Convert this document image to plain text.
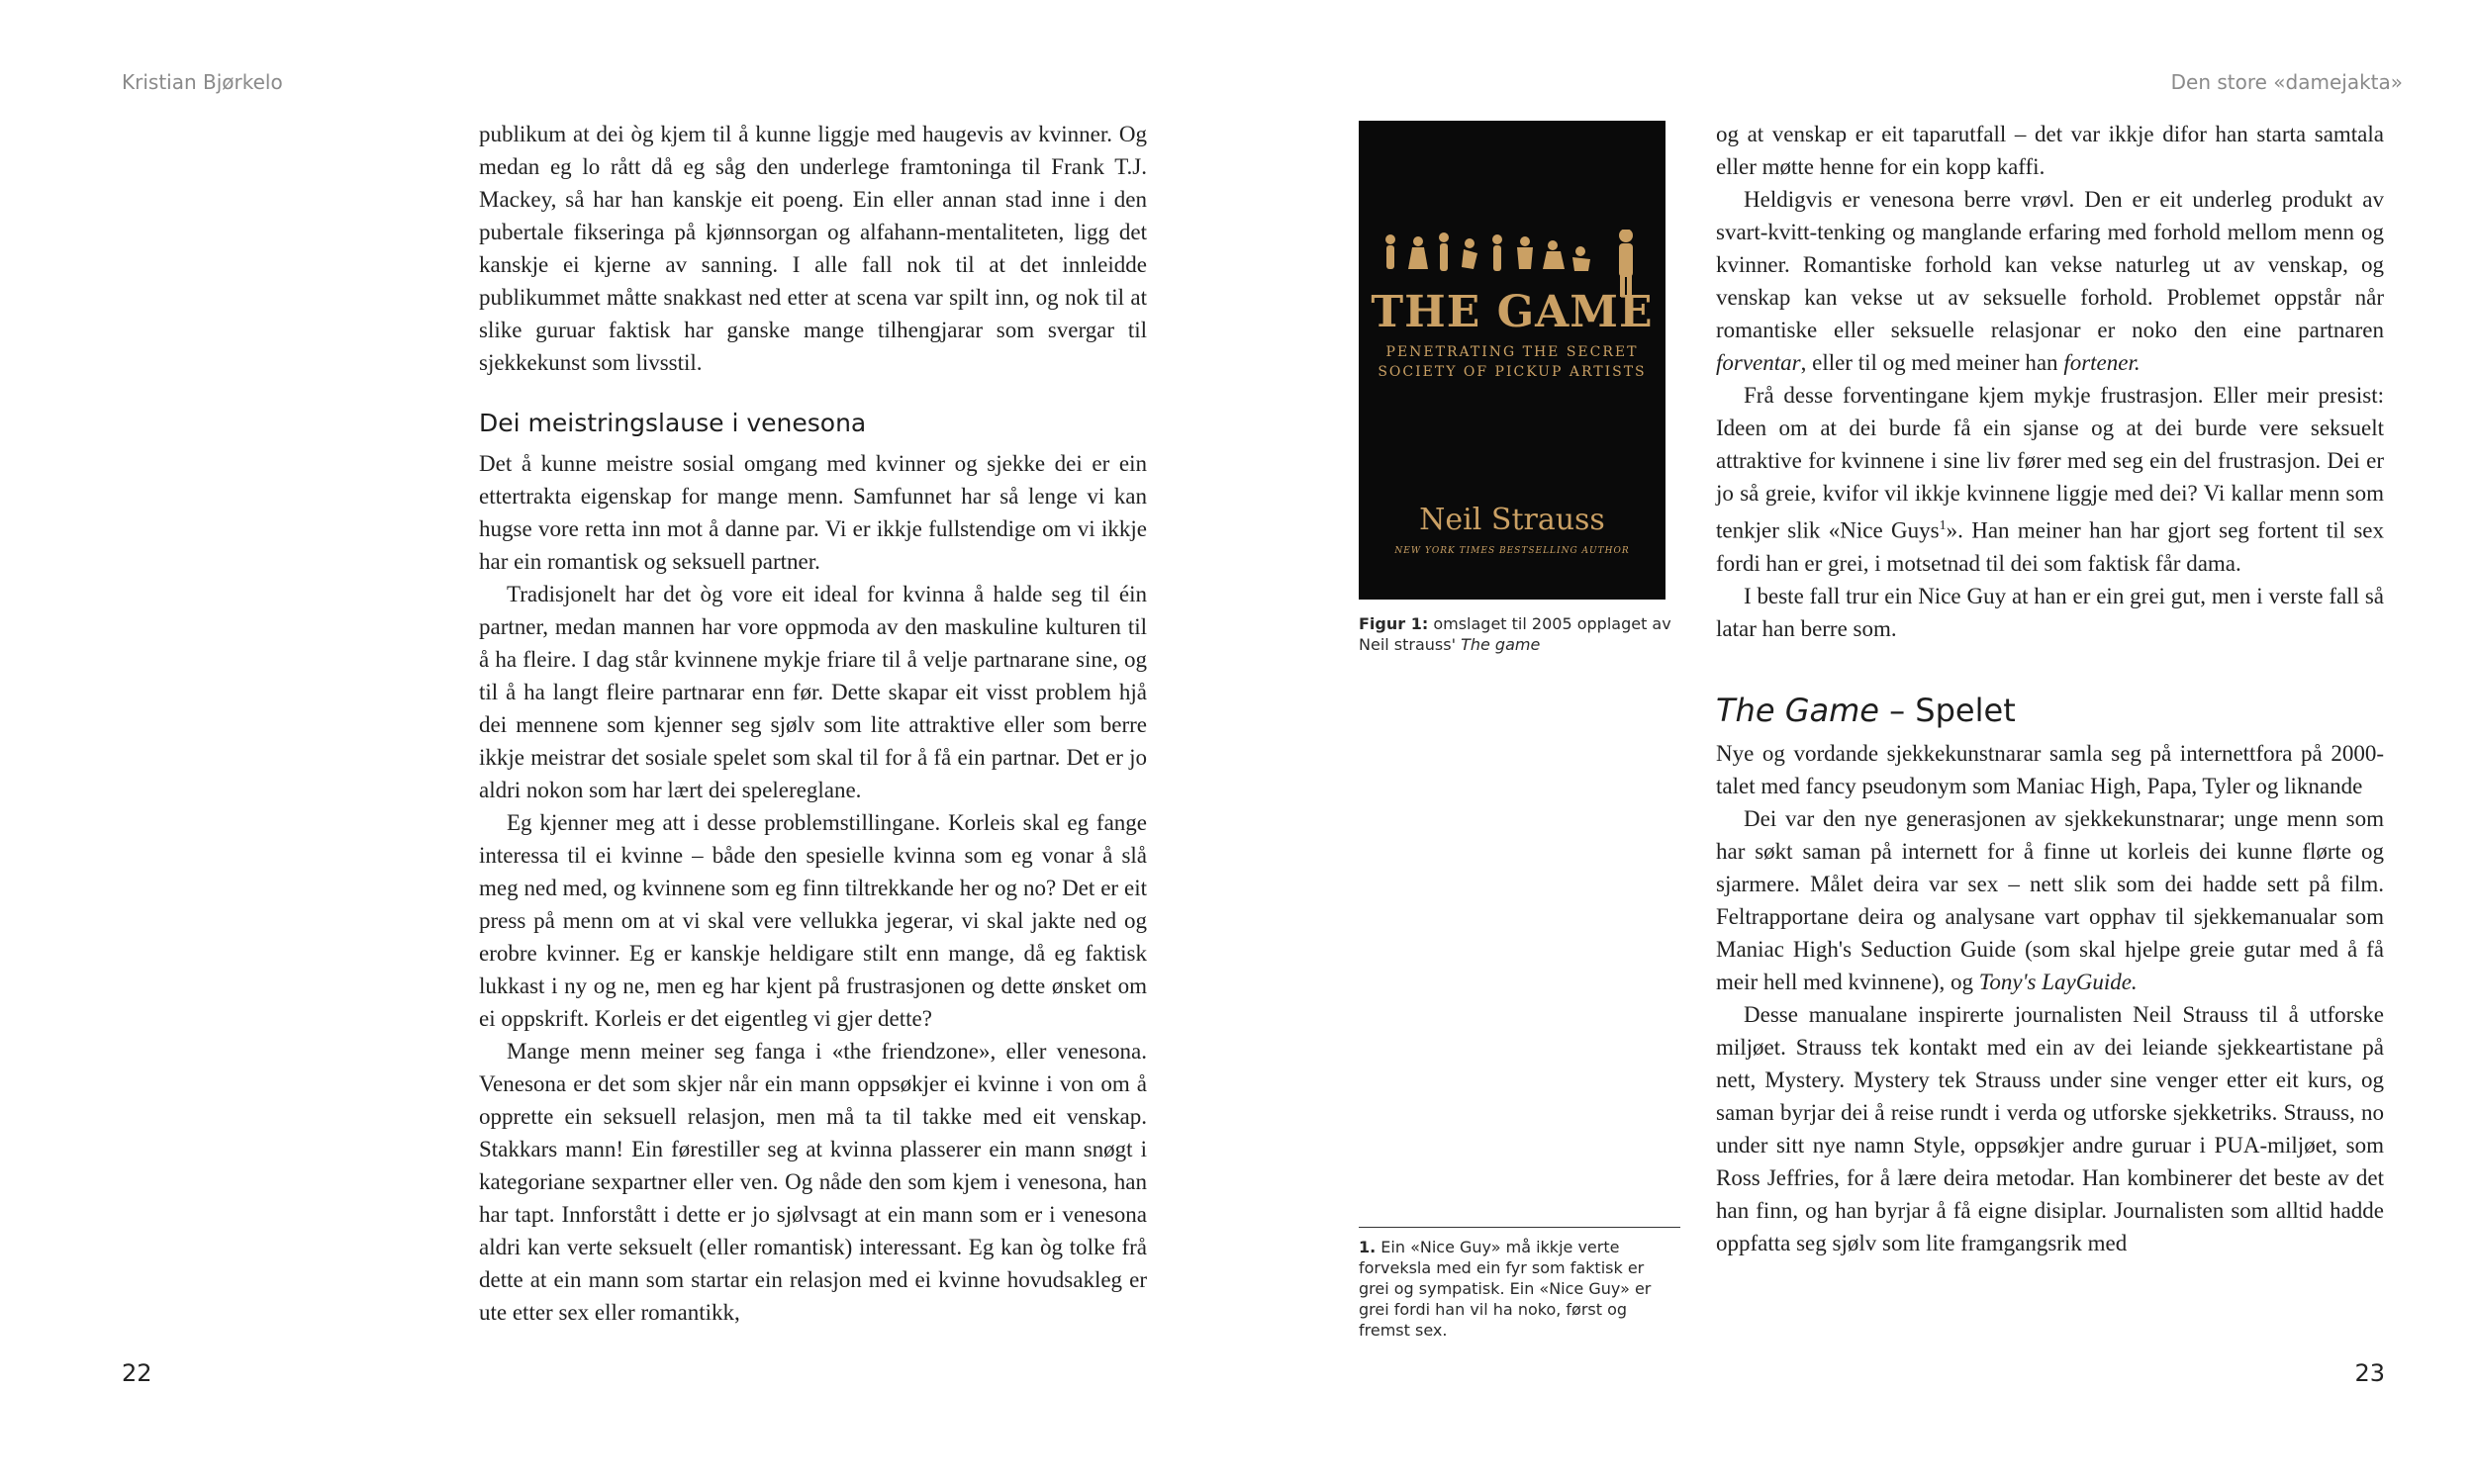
Kristian Bjørkelo	Den store «damejakta»

publikum at dei òg kjem til å kunne liggje med haugevis av kvinner. Og medan eg lo rått då eg såg den underlege framtoninga til Frank T.J. Mackey, så har han kanskje eit poeng. Ein eller annan stad inne i den pubertale fikseringa på kjønnsorgan og alfahann-mentaliteten, ligg det kanskje ei kjerne av sanning. I alle fall nok til at det innleidde publikummet måtte snakkast ned etter at scena var spilt inn, og nok til at slike guruar faktisk har ganske mange tilhengjarar som svergar til sjekkekunst som livsstil.

Dei meistringslause i venesona

Det å kunne meistre sosial omgang med kvinner og sjekke dei er ein ettertrakta eigenskap for mange menn. Samfunnet har så lenge vi kan hugse vore retta inn mot å danne par. Vi er ikkje fullstendige om vi ikkje har ein romantisk og seksuell partner.

Tradisjonelt har det òg vore eit ideal for kvinna å halde seg til éin partner, medan mannen har vore oppmoda av den maskuline kulturen til å ha fleire. I dag står kvinnene mykje friare til å velje partnarane sine, og til å ha langt fleire partnarar enn før. Dette skapar eit visst problem hjå dei mennene som kjenner seg sjølv som lite attraktive eller som berre ikkje meistrar det sosiale spelet som skal til for å få ein partnar. Det er jo aldri nokon som har lært dei spelereglane.

Eg kjenner meg att i desse problemstillingane. Korleis skal eg fange interessa til ei kvinne – både den spesielle kvinna som eg vonar å slå meg ned med, og kvinnene som eg finn tiltrekkande her og no? Det er eit press på menn om at vi skal vere vellukka jegerar, vi skal jakte ned og erobre kvinner. Eg er kanskje heldigare stilt enn mange, då eg faktisk lukkast i ny og ne, men eg har kjent på frustrasjonen og dette ønsket om ei oppskrift. Korleis er det eigentleg vi gjer dette?

Mange menn meiner seg fanga i «the friendzone», eller venesona. Venesona er det som skjer når ein mann oppsøkjer ei kvinne i von om å opprette ein seksuell relasjon, men må ta til takke med eit venskap. Stakkars mann! Ein førestiller seg at kvinna plasserer ein mann snøgt i kategoriane sexpartner eller ven. Og nåde den som kjem i venesona, han har tapt. Innforstått i dette er jo sjølvsagt at ein mann som er i venesona aldri kan verte seksuelt (eller romantisk) interessant. Eg kan òg tolke frå dette at ein mann som startar ein relasjon med ei kvinne hovudsakleg er ute etter sex eller romantikk,

THE GAME
PENETRATING THE SECRET
SOCIETY OF PICKUP ARTISTS
Neil Strauss
NEW YORK TIMES BESTSELLING AUTHOR
Figur 1: omslaget til 2005 opplaget av Neil strauss' The game
1. Ein «Nice Guy» må ikkje verte forveksla med ein fyr som faktisk er grei og sympatisk. Ein «Nice Guy» er grei fordi han vil ha noko, først og fremst sex.

og at venskap er eit taparutfall – det var ikkje difor han starta samtala eller møtte henne for ein kopp kaffi.

Heldigvis er venesona berre vrøvl. Den er eit underleg produkt av svart-kvitt-tenking og manglande erfaring med forhold mellom menn og kvinner. Romantiske forhold kan vekse naturleg ut av venskap, og venskap kan vekse ut av seksuelle forhold. Problemet oppstår når romantiske eller seksuelle relasjonar er noko den eine partnaren forventar, eller til og med meiner han fortener.

Frå desse forventingane kjem mykje frustrasjon. Eller meir presist: Ideen om at dei burde få ein sjanse og at dei burde vere seksuelt attraktive for kvinnene i sine liv fører med seg ein del frustrasjon. Dei er jo så greie, kvifor vil ikkje kvinnene liggje med dei? Vi kallar menn som tenkjer slik «Nice Guys$^1$». Han meiner han har gjort seg fortent til sex fordi han er grei, i motsetnad til dei som faktisk får dama.

I beste fall trur ein Nice Guy at han er ein grei gut, men i verste fall så latar han berre som.

The Game – Spelet

Nye og vordande sjekkekunstnarar samla seg på internettfora på 2000-talet med fancy pseudonym som Maniac High, Papa, Tyler og liknande

Dei var den nye generasjonen av sjekkekunstnarar; unge menn som har søkt saman på internett for å finne ut korleis dei kunne flørte og sjarmere. Målet deira var sex – nett slik som dei hadde sett på film. Feltrapportane deira og analysane vart opphav til sjekkemanualar som Maniac High's Seduction Guide (som skal hjelpe greie gutar med å få meir hell med kvinnene), og Tony's LayGuide.

Desse manualane inspirerte journalisten Neil Strauss til å utforske miljøet. Strauss tek kontakt med ein av dei leiande sjekkeartistane på nett, Mystery. Mystery tek Strauss under sine venger etter eit kurs, og saman byrjar dei å reise rundt i verda og utforske sjekketriks. Strauss, no under sitt nye namn Style, oppsøkjer andre guruar i PUA-miljøet, som Ross Jeffries, for å lære deira metodar. Han kombinerer det beste av det han finn, og han byrjar å få eigne disiplar. Journalisten som alltid hadde oppfatta seg sjølv som lite framgangsrik med

22	23
